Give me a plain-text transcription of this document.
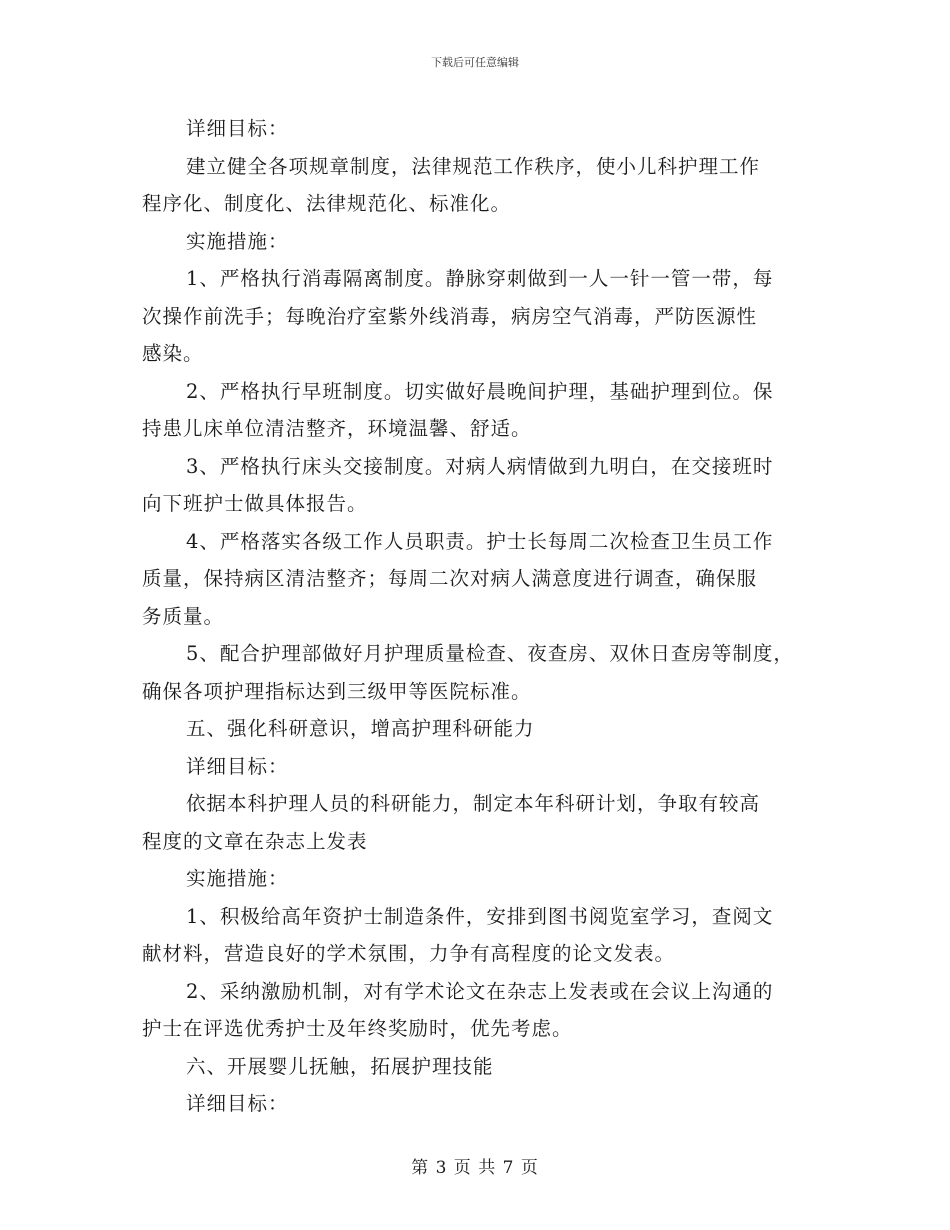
下载后可任意编辑
详细目标：
建立健全各项规章制度，法律规范工作秩序，使小儿科护理工作
程序化、制度化、法律规范化、标准化。
实施措施：
1、严格执行消毒隔离制度。静脉穿刺做到一人一针一管一带，每
次操作前洗手；每晚治疗室紫外线消毒，病房空气消毒，严防医源性
感染。
2、严格执行早班制度。切实做好晨晚间护理，基础护理到位。保
持患儿床单位清洁整齐，环境温馨、舒适。
3、严格执行床头交接制度。对病人病情做到九明白，在交接班时
向下班护士做具体报告。
4、严格落实各级工作人员职责。护士长每周二次检查卫生员工作
质量，保持病区清洁整齐；每周二次对病人满意度进行调查，确保服
务质量。
5、配合护理部做好月护理质量检查、夜查房、双休日查房等制度，
确保各项护理指标达到三级甲等医院标准。
五、强化科研意识，增高护理科研能力
详细目标：
依据本科护理人员的科研能力，制定本年科研计划，争取有较高
程度的文章在杂志上发表
实施措施：
1、积极给高年资护士制造条件，安排到图书阅览室学习，查阅文
献材料，营造良好的学术氛围，力争有高程度的论文发表。
2、采纳激励机制，对有学术论文在杂志上发表或在会议上沟通的
护士在评选优秀护士及年终奖励时，优先考虑。
六、开展婴儿抚触，拓展护理技能
详细目标：
第 3 页 共 7 页
